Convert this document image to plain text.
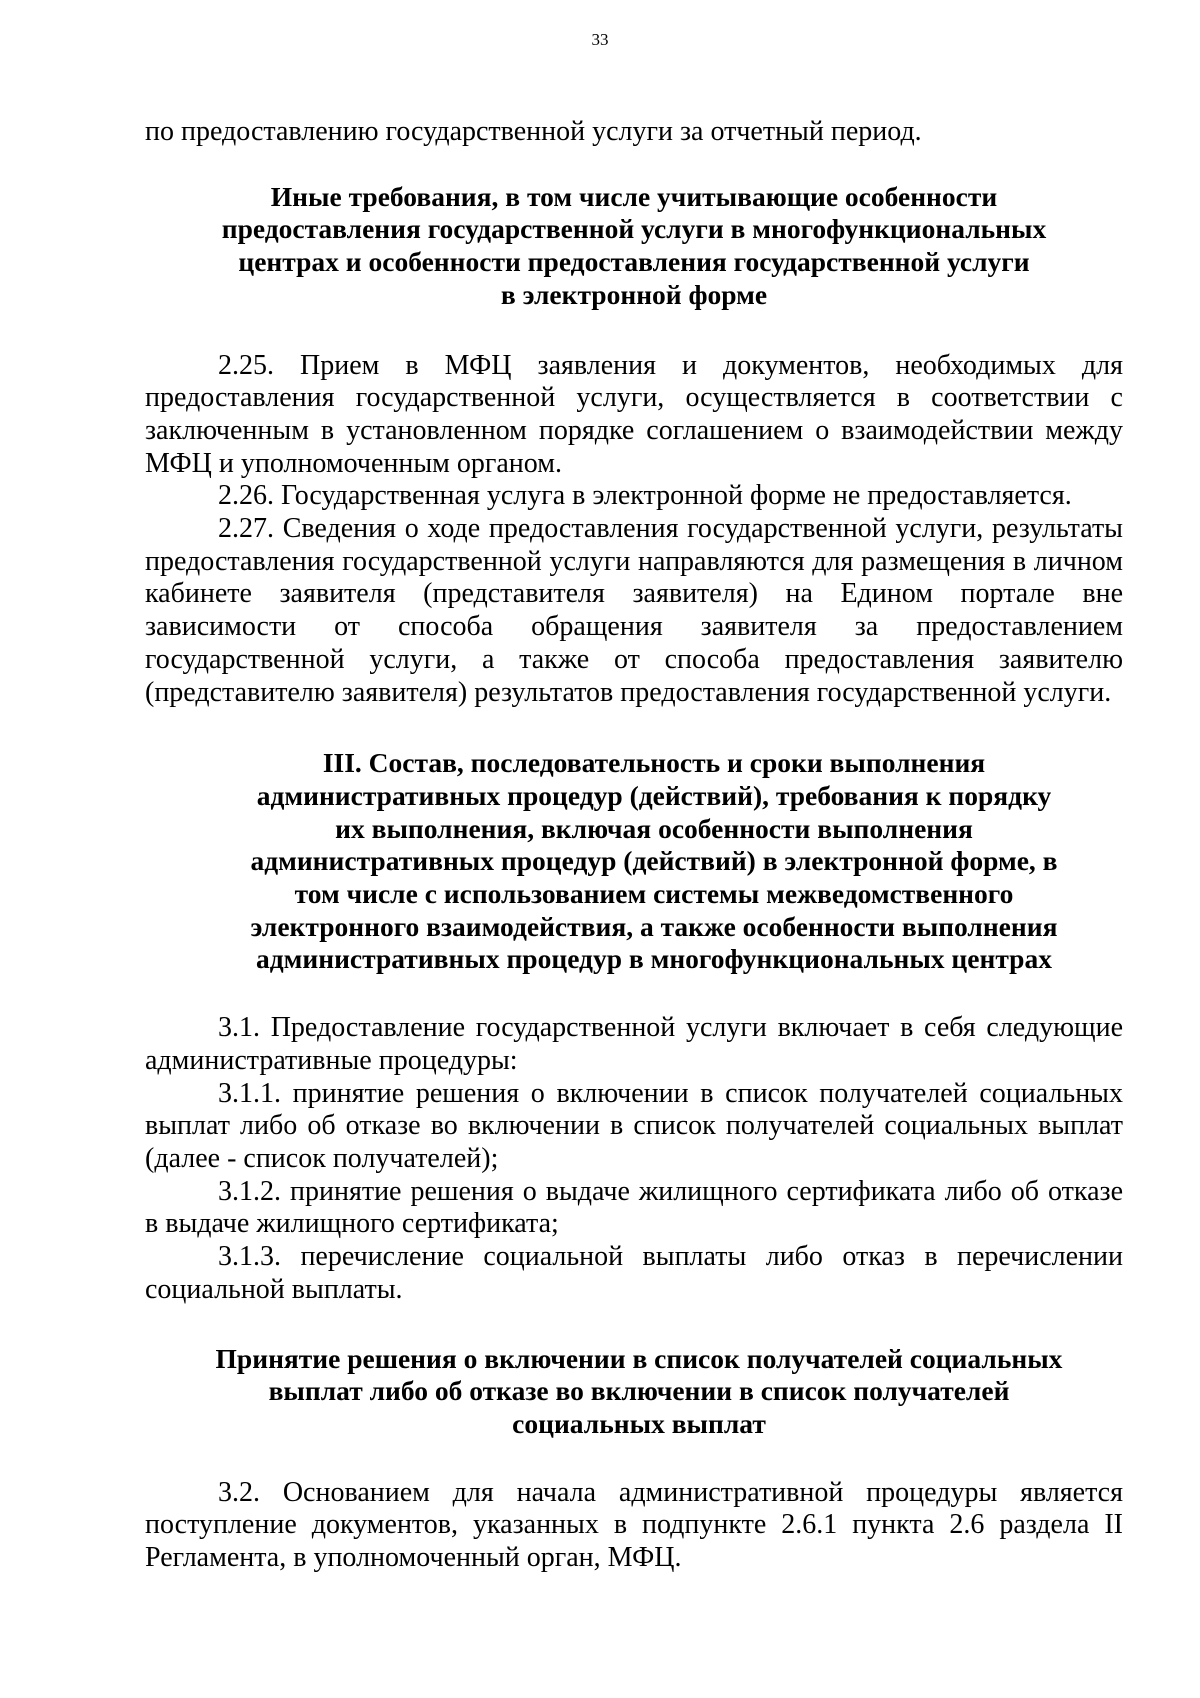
33

по предоставлению государственной услуги за отчетный период.

Иные требования, в том числе учитывающие особенности
предоставления государственной услуги в многофункциональных
центрах и особенности предоставления государственной услуги
в электронной форме

2.25. Прием в МФЦ заявления и документов, необходимых для предоставления государственной услуги, осуществляется в соответствии с заключенным в установленном порядке соглашением о взаимодействии между МФЦ и уполномоченным органом.

2.26. Государственная услуга в электронной форме не предоставляется.

2.27. Сведения о ходе предоставления государственной услуги, результаты предоставления государственной услуги направляются для размещения в личном кабинете заявителя (представителя заявителя) на Едином портале вне зависимости от способа обращения заявителя за предоставлением государственной услуги, а также от способа предоставления заявителю (представителю заявителя) результатов предоставления государственной услуги.

III. Состав, последовательность и сроки выполнения
административных процедур (действий), требования к порядку
их выполнения, включая особенности выполнения
административных процедур (действий) в электронной форме, в
том числе с использованием системы межведомственного
электронного взаимодействия, а также особенности выполнения
административных процедур в многофункциональных центрах

3.1. Предоставление государственной услуги включает в себя следующие административные процедуры:

3.1.1. принятие решения о включении в список получателей социальных выплат либо об отказе во включении в список получателей социальных выплат (далее - список получателей);

3.1.2. принятие решения о выдаче жилищного сертификата либо об отказе в выдаче жилищного сертификата;

3.1.3. перечисление социальной выплаты либо отказ в перечислении социальной выплаты.

Принятие решения о включении в список получателей социальных
выплат либо об отказе во включении в список получателей
социальных выплат

3.2. Основанием для начала административной процедуры является поступление документов, указанных в подпункте 2.6.1 пункта 2.6 раздела II Регламента, в уполномоченный орган, МФЦ.
